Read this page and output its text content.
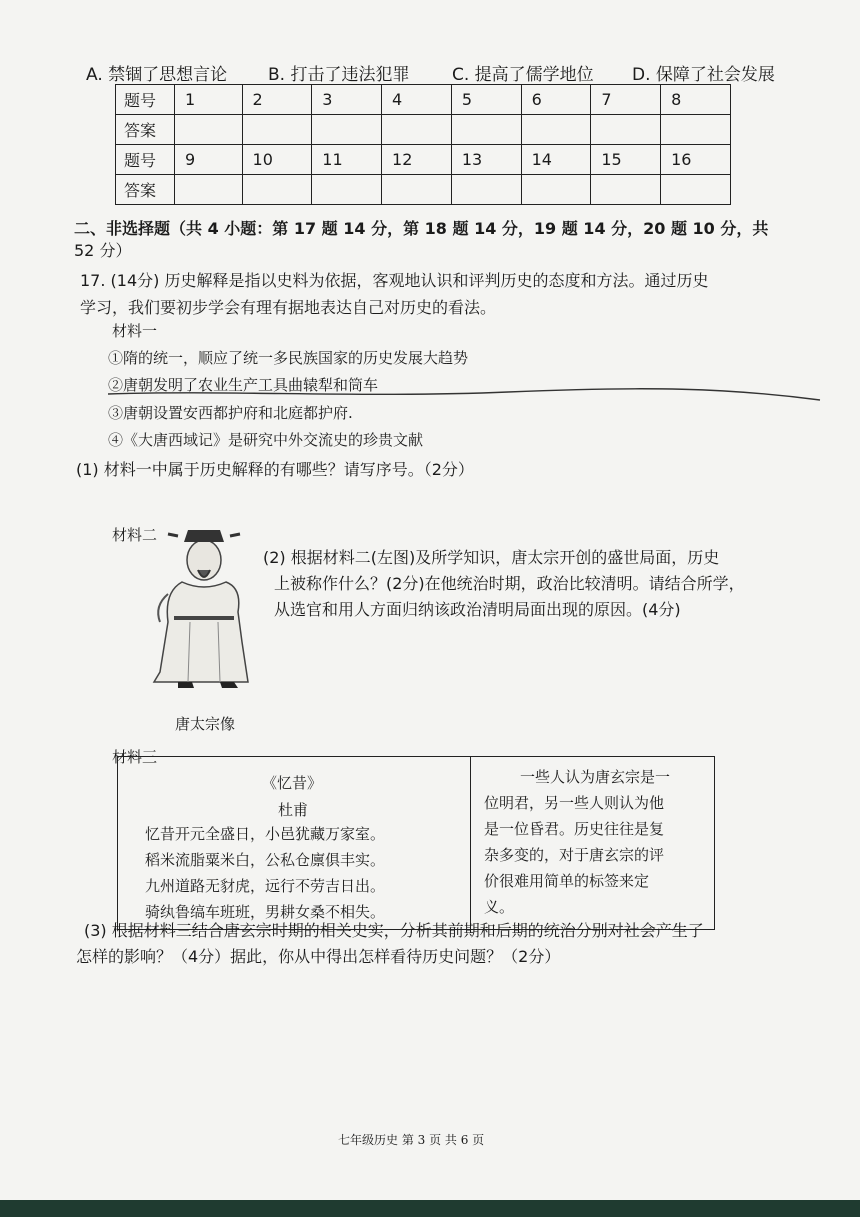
A. 禁锢了思想言论 B. 打击了违法犯罪	C. 提高了儒学地位 D. 保障了社会发展
题号	1	2	3	4	5	6	7	8
答案								
题号	9	10	11	12	13	14	15	16
答案								
二、非选择题（共 4 小题：第 17 题 14 分，第 18 题 14 分，19 题 14 分，20 题 10 分，共
52 分）
17. (14分) 历史解释是指以史料为依据，客观地认识和评判历史的态度和方法。通过历史
学习，我们要初步学会有理有据地表达自己对历史的看法。
材料一
①隋的统一，顺应了统一多民族国家的历史发展大趋势
②唐朝发明了农业生产工具曲辕犁和筒车
③唐朝设置安西都护府和北庭都护府.
④《大唐西域记》是研究中外交流史的珍贵文献
(1) 材料一中属于历史解释的有哪些？请写序号。（2分）
材料二
(2) 根据材料二(左图)及所学知识，唐太宗开创的盛世局面，历史
上被称作什么？(2分)在他统治时期，政治比较清明。请结合所学，
从选官和用人方面归纳该政治清明局面出现的原因。(4分)
唐太宗像
材料三
《忆昔》
杜甫
忆昔开元全盛日，小邑犹藏万家室。
稻米流脂粟米白，公私仓廪俱丰实。
九州道路无豺虎，远行不劳吉日出。
骑纨鲁缟车班班，男耕女桑不相失。
一些人认为唐玄宗是一
位明君，另一些人则认为他
是一位昏君。历史往往是复
杂多变的，对于唐玄宗的评
价很难用简单的标签来定
义。
(3) 根据材料三结合唐玄宗时期的相关史实，分析其前期和后期的统治分别对社会产生了
怎样的影响？（4分）据此，你从中得出怎样看待历史问题？（2分）
七年级历史 第 3 页 共 6 页
